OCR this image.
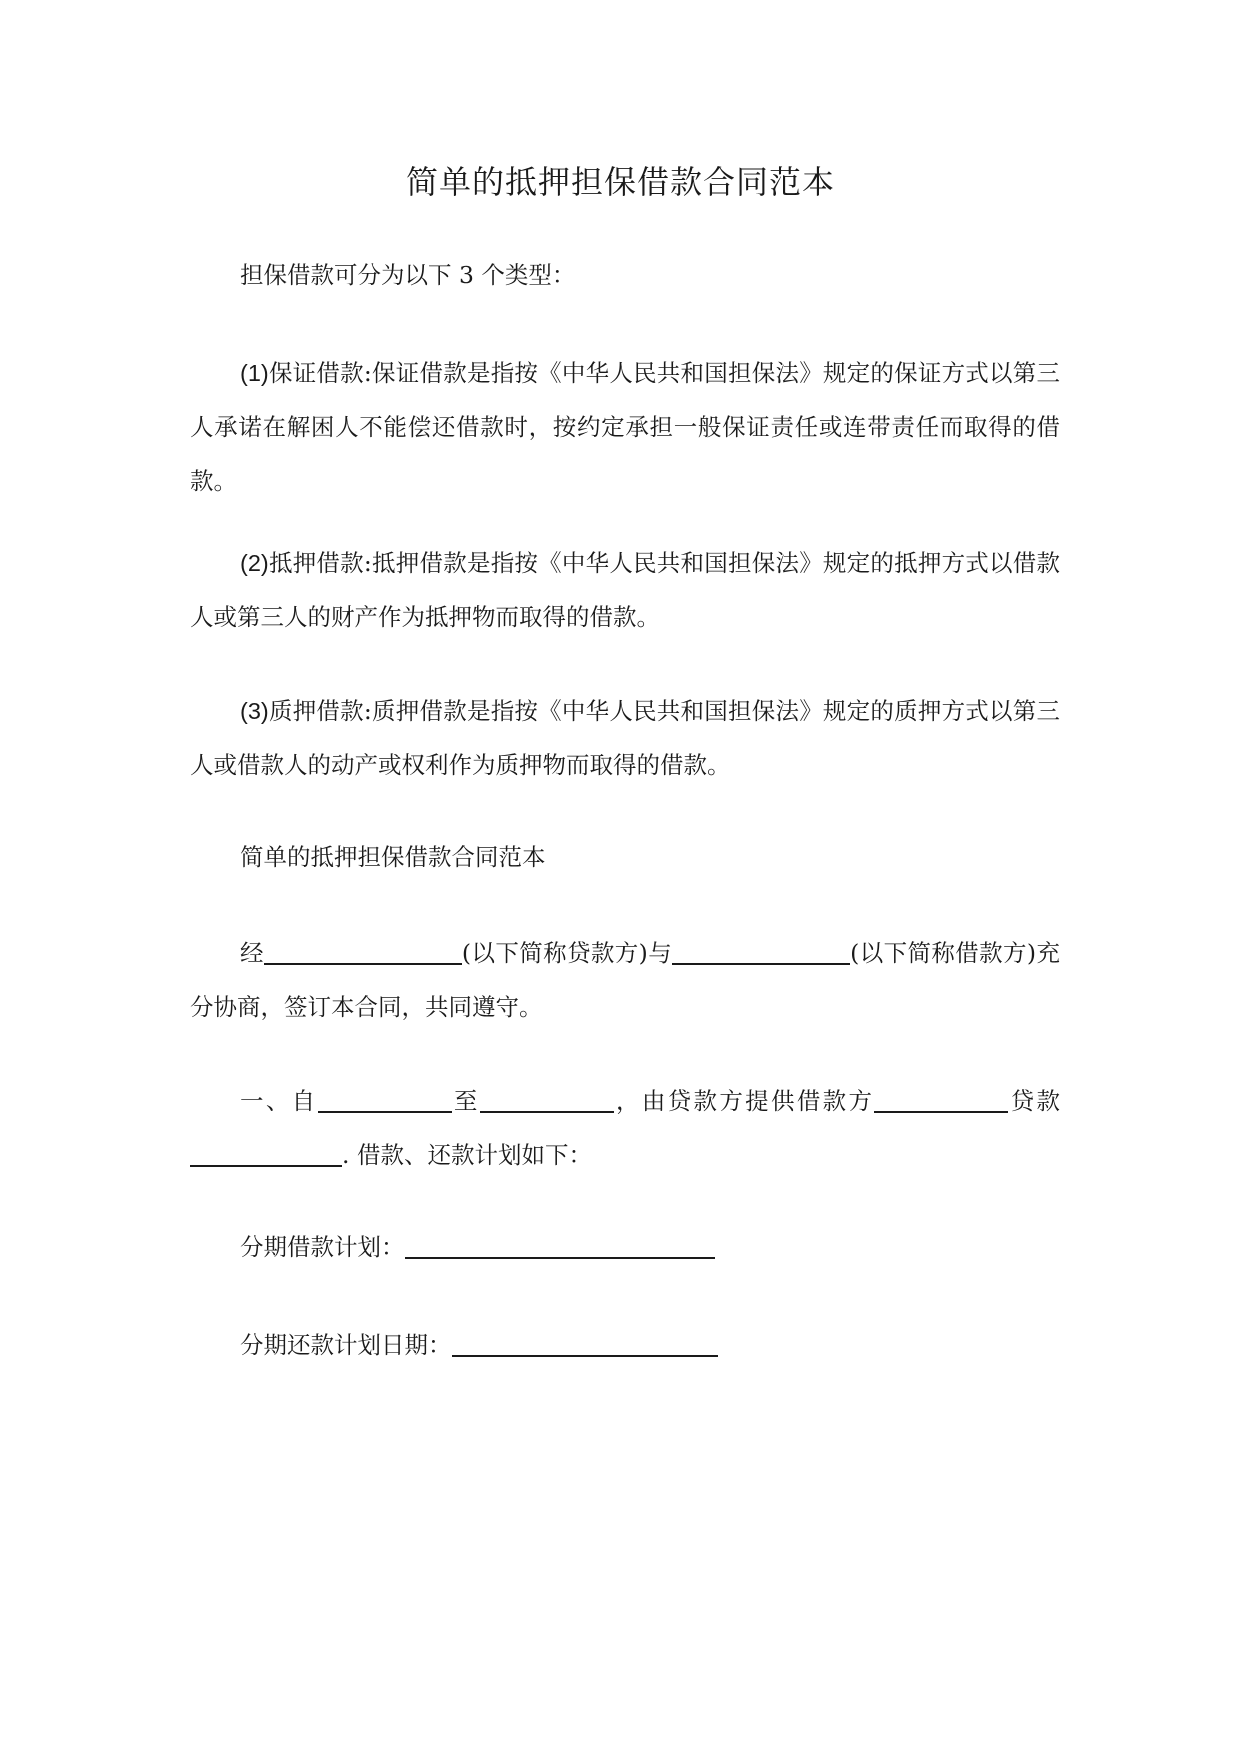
简单的抵押担保借款合同范本

担保借款可分为以下 3 个类型：

(1)保证借款:保证借款是指按《中华人民共和国担保法》规定的保证方式以第三人承诺在解困人不能偿还借款时，按约定承担一般保证责任或连带责任而取得的借款。

(2)抵押借款:抵押借款是指按《中华人民共和国担保法》规定的抵押方式以借款人或第三人的财产作为抵押物而取得的借款。

(3)质押借款:质押借款是指按《中华人民共和国担保法》规定的质押方式以第三人或借款人的动产或权利作为质押物而取得的借款。

简单的抵押担保借款合同范本

经	(以下简称贷款方)与	(以下简称借款方)充分协商，签订本合同，共同遵守。

一、自	至	，由贷款方提供借款方	贷款. 借款、还款计划如下：

分期借款计划：

分期还款计划日期：
